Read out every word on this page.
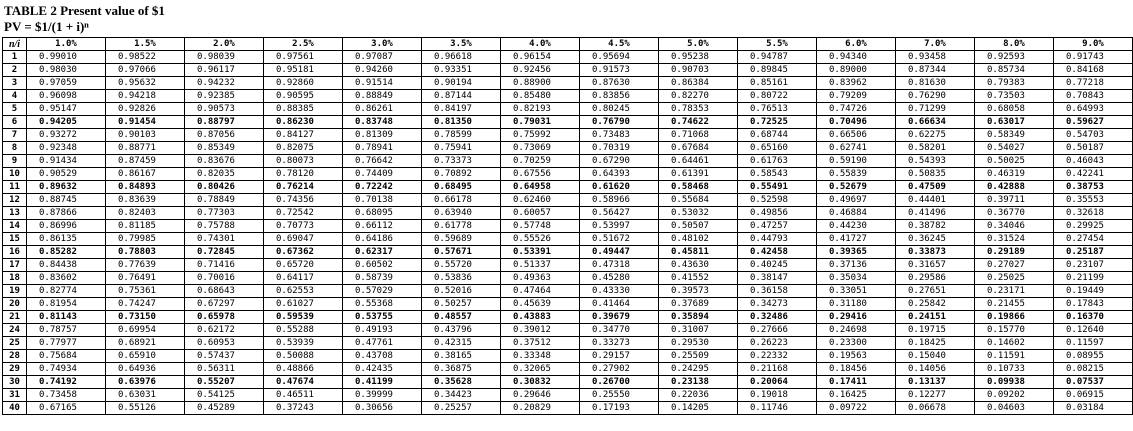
TABLE 2 Present value of $1
PV = $1/(1 + i)ⁿ
n/i	1.0%	1.5%	2.0%	2.5%	3.0%	3.5%	4.0%	4.5%	5.0%	5.5%	6.0%	7.0%	8.0%	9.0%
1	0.99010	0.98522	0.98039	0.97561	0.97087	0.96618	0.96154	0.95694	0.95238	0.94787	0.94340	0.93458	0.92593	0.91743
2	0.98030	0.97066	0.96117	0.95181	0.94260	0.93351	0.92456	0.91573	0.90703	0.89845	0.89000	0.87344	0.85734	0.84168
3	0.97059	0.95632	0.94232	0.92860	0.91514	0.90194	0.88900	0.87630	0.86384	0.85161	0.83962	0.81630	0.79383	0.77218
4	0.96098	0.94218	0.92385	0.90595	0.88849	0.87144	0.85480	0.83856	0.82270	0.80722	0.79209	0.76290	0.73503	0.70843
5	0.95147	0.92826	0.90573	0.88385	0.86261	0.84197	0.82193	0.80245	0.78353	0.76513	0.74726	0.71299	0.68058	0.64993
6	0.94205	0.91454	0.88797	0.86230	0.83748	0.81350	0.79031	0.76790	0.74622	0.72525	0.70496	0.66634	0.63017	0.59627
7	0.93272	0.90103	0.87056	0.84127	0.81309	0.78599	0.75992	0.73483	0.71068	0.68744	0.66506	0.62275	0.58349	0.54703
8	0.92348	0.88771	0.85349	0.82075	0.78941	0.75941	0.73069	0.70319	0.67684	0.65160	0.62741	0.58201	0.54027	0.50187
9	0.91434	0.87459	0.83676	0.80073	0.76642	0.73373	0.70259	0.67290	0.64461	0.61763	0.59190	0.54393	0.50025	0.46043
10	0.90529	0.86167	0.82035	0.78120	0.74409	0.70892	0.67556	0.64393	0.61391	0.58543	0.55839	0.50835	0.46319	0.42241
11	0.89632	0.84893	0.80426	0.76214	0.72242	0.68495	0.64958	0.61620	0.58468	0.55491	0.52679	0.47509	0.42888	0.38753
12	0.88745	0.83639	0.78849	0.74356	0.70138	0.66178	0.62460	0.58966	0.55684	0.52598	0.49697	0.44401	0.39711	0.35553
13	0.87866	0.82403	0.77303	0.72542	0.68095	0.63940	0.60057	0.56427	0.53032	0.49856	0.46884	0.41496	0.36770	0.32618
14	0.86996	0.81185	0.75788	0.70773	0.66112	0.61778	0.57748	0.53997	0.50507	0.47257	0.44230	0.38782	0.34046	0.29925
15	0.86135	0.79985	0.74301	0.69047	0.64186	0.59689	0.55526	0.51672	0.48102	0.44793	0.41727	0.36245	0.31524	0.27454
16	0.85282	0.78803	0.72845	0.67362	0.62317	0.57671	0.53391	0.49447	0.45811	0.42458	0.39365	0.33873	0.29189	0.25187
17	0.84438	0.77639	0.71416	0.65720	0.60502	0.55720	0.51337	0.47318	0.43630	0.40245	0.37136	0.31657	0.27027	0.23107
18	0.83602	0.76491	0.70016	0.64117	0.58739	0.53836	0.49363	0.45280	0.41552	0.38147	0.35034	0.29586	0.25025	0.21199
19	0.82774	0.75361	0.68643	0.62553	0.57029	0.52016	0.47464	0.43330	0.39573	0.36158	0.33051	0.27651	0.23171	0.19449
20	0.81954	0.74247	0.67297	0.61027	0.55368	0.50257	0.45639	0.41464	0.37689	0.34273	0.31180	0.25842	0.21455	0.17843
21	0.81143	0.73150	0.65978	0.59539	0.53755	0.48557	0.43883	0.39679	0.35894	0.32486	0.29416	0.24151	0.19866	0.16370
24	0.78757	0.69954	0.62172	0.55288	0.49193	0.43796	0.39012	0.34770	0.31007	0.27666	0.24698	0.19715	0.15770	0.12640
25	0.77977	0.68921	0.60953	0.53939	0.47761	0.42315	0.37512	0.33273	0.29530	0.26223	0.23300	0.18425	0.14602	0.11597
28	0.75684	0.65910	0.57437	0.50088	0.43708	0.38165	0.33348	0.29157	0.25509	0.22332	0.19563	0.15040	0.11591	0.08955
29	0.74934	0.64936	0.56311	0.48866	0.42435	0.36875	0.32065	0.27902	0.24295	0.21168	0.18456	0.14056	0.10733	0.08215
30	0.74192	0.63976	0.55207	0.47674	0.41199	0.35628	0.30832	0.26700	0.23138	0.20064	0.17411	0.13137	0.09938	0.07537
31	0.73458	0.63031	0.54125	0.46511	0.39999	0.34423	0.29646	0.25550	0.22036	0.19018	0.16425	0.12277	0.09202	0.06915
40	0.67165	0.55126	0.45289	0.37243	0.30656	0.25257	0.20829	0.17193	0.14205	0.11746	0.09722	0.06678	0.04603	0.03184
